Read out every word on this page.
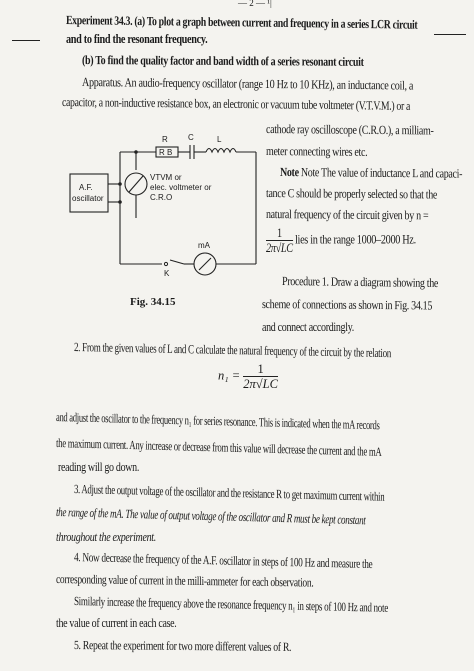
— 2 — ¹|
Experiment 34.3. (a) To plot a graph between current and frequency in a series LCR circuit
and to find the resonant frequency.
(b) To find the quality factor and band width of a series resonant circuit
Apparatus. An audio-frequency oscillator (range 10 Hz to 10 KHz), an inductance coil, a
capacitor, a non-inductive resistance box, an electronic or vacuum tube voltmeter (V.T.V.M.) or a
cathode ray oscilloscope (C.R.O.), a milliam-
meter connecting wires etc.
R	C	L
R B
A.F.
oscillator
VTVM or
elec. voltmeter or
C.R.O
mA
K
Fig. 34.15
Note Note The value of inductance L and capaci-
tance C should be properly selected so that the
natural frequency of the circuit given by n =
$\frac{1}{2\pi√LC}$ lies in the range 1000–2000 Hz.
Procedure 1. Draw a diagram showing the
scheme of connections as shown in Fig. 34.15
and connect accordingly.
2. From the given values of L and C calculate the natural frequency of the circuit by the relation
$n_1 = \frac{1}{2\pi√LC}$
and adjust the oscillator to the frequency n₁ for series resonance. This is indicated when the mA records
the maximum current. Any increase or decrease from this value will decrease the current and the mA
reading will go down.
3. Adjust the output voltage of the oscillator and the resistance R to get maximum current within
the range of the mA. The value of output voltage of the oscillator and R must be kept constant
throughout the experiment.
4. Now decrease the frequency of the A.F. oscillator in steps of 100 Hz and measure the
corresponding value of current in the milli-ammeter for each observation.
Similarly increase the frequency above the resonance frequency n₁ in steps of 100 Hz and note
the value of current in each case.
5. Repeat the experiment for two more different values of R.
